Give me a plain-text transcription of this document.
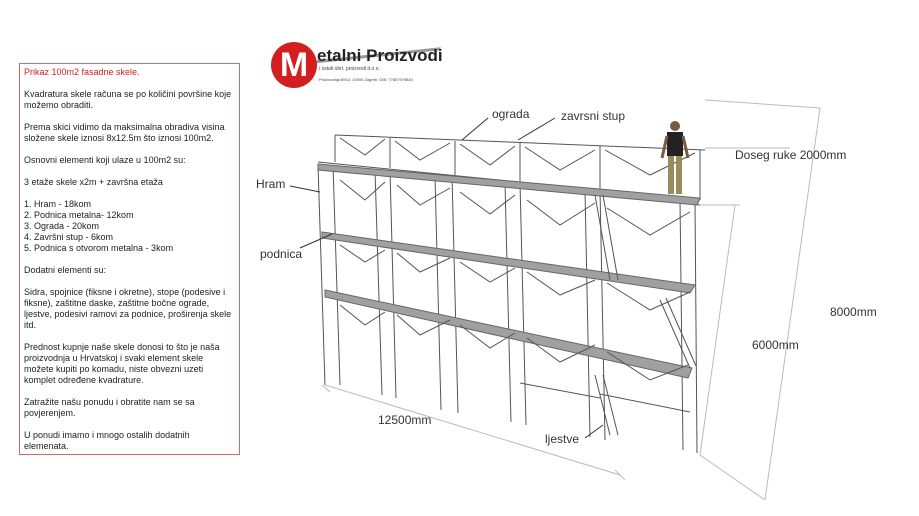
Prikaz 100m2 fasadne skele.

Kvadratura skele računa se po količini površine koje možemo obraditi.

Prema skici vidimo da maksimalna obradiva visina složene skele iznosi 8x12.5m što iznosi 100m2.

Osnovni elementi koji ulaze u 100m2 su:

3 etaže skele x2m + završna etaža

1. Hram - 18kom
2. Podnica metalna- 12kom
3. Ograda - 20kom
4. Završni stup - 6kom
5. Podnica s otvorom metalna - 3kom

Dodatni elementi su:

Sidra, spojnice (fiksne i okretne), stope (podesive i fiksne), zaštitne daske, zaštitne bočne ograde, ljestve, podesivi ramovi za podnice, proširenja skele itd.

Prednost kupnje naše skele donosi to što je naša proizvodnja u Hrvatskoj i svaki element skele možete kupiti po komadu, niste obvezni uzeti komplet određene kvadrature.

Zatražite našu ponudu i obratite nam se sa povjerenjem.

U ponudi imamo i mnogo ostalih dodatnih elemenata.

M etalni Proizvodi
i ostali obrt. proizvodi d.o.o.
Proizvodnja 8913, 10000 Zagreb, OIB: 77807979840
ograda	zavrsni stup
Hram
podnica
Doseg ruke 2000mm
8000mm
6000mm
12500mm
ljestve
